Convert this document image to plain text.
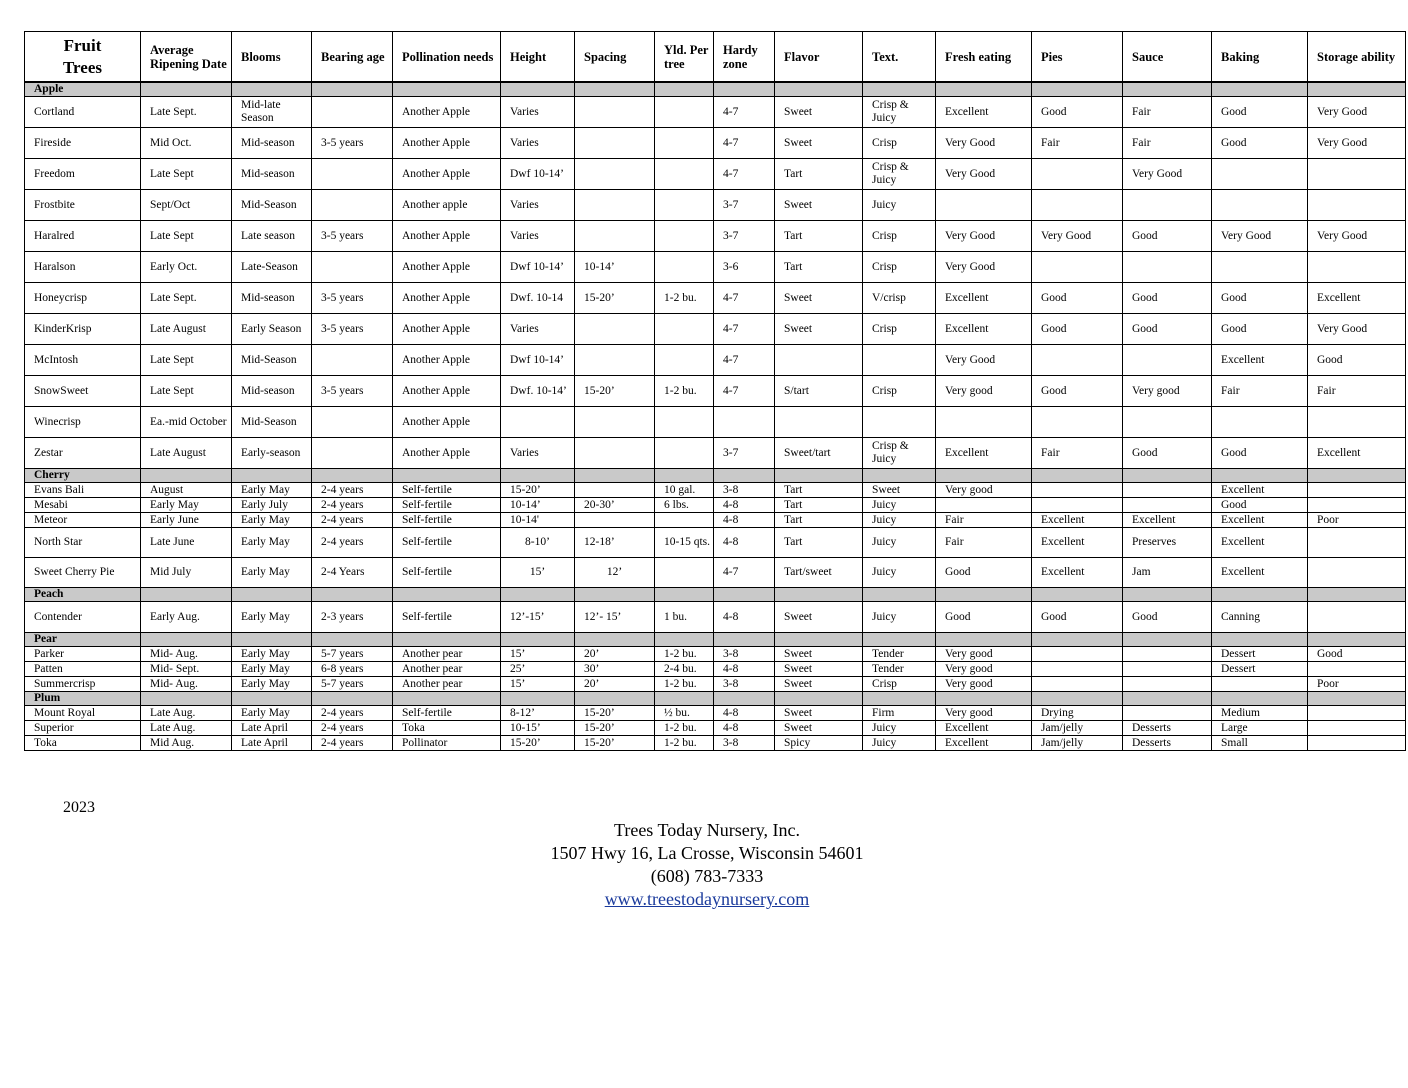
Fruit
Trees	Average Ripening Date	Blooms	Bearing age	Pollination needs	Height	Spacing	Yld. Per tree	Hardy zone	Flavor	Text.	Fresh eating	Pies	Sauce	Baking	Storage ability
Apple															
Cortland	Late Sept.	Mid-late Season		Another Apple	Varies			4-7	Sweet	Crisp & Juicy	Excellent	Good	Fair	Good	Very Good
Fireside	Mid Oct.	Mid-season	3-5 years	Another Apple	Varies			4-7	Sweet	Crisp	Very Good	Fair	Fair	Good	Very Good
Freedom	Late Sept	Mid-season		Another Apple	Dwf 10-14’			4-7	Tart	Crisp & Juicy	Very Good		Very Good		
Frostbite	Sept/Oct	Mid-Season		Another apple	Varies			3-7	Sweet	Juicy					
Haralred	Late Sept	Late season	3-5 years	Another Apple	Varies			3-7	Tart	Crisp	Very Good	Very Good	Good	Very Good	Very Good
Haralson	Early Oct.	Late-Season		Another Apple	Dwf 10-14’	10-14’		3-6	Tart	Crisp	Very Good				
Honeycrisp	Late Sept.	Mid-season	3-5 years	Another Apple	Dwf. 10-14	15-20’	1-2 bu.	4-7	Sweet	V/crisp	Excellent	Good	Good	Good	Excellent
KinderKrisp	Late August	Early Season	3-5 years	Another Apple	Varies			4-7	Sweet	Crisp	Excellent	Good	Good	Good	Very Good
McIntosh	Late Sept	Mid-Season		Another Apple	Dwf 10-14’			4-7			Very Good			Excellent	Good
SnowSweet	Late Sept	Mid-season	3-5 years	Another Apple	Dwf. 10-14’	15-20’	1-2 bu.	4-7	S/tart	Crisp	Very good	Good	Very good	Fair	Fair
Winecrisp	Ea.-mid October	Mid-Season		Another Apple											
Zestar	Late August	Early-season		Another Apple	Varies			3-7	Sweet/tart	Crisp & Juicy	Excellent	Fair	Good	Good	Excellent
Cherry															
Evans Bali	August	Early May	2-4 years	Self-fertile	15-20’		10 gal.	3-8	Tart	Sweet	Very good			Excellent	
Mesabi	Early May	Early July	2-4 years	Self-fertile	10-14’	20-30’	6 lbs.	4-8	Tart	Juicy				Good	
Meteor	Early June	Early May	2-4 years	Self-fertile	10-14'			4-8	Tart	Juicy	Fair	Excellent	Excellent	Excellent	Poor
North Star	Late June	Early May	2-4 years	Self-fertile	8-10’	12-18’	10-15 qts.	4-8	Tart	Juicy	Fair	Excellent	Preserves	Excellent	
Sweet Cherry Pie	Mid July	Early May	2-4 Years	Self-fertile	15’	12’		4-7	Tart/sweet	Juicy	Good	Excellent	Jam	Excellent	
Peach															
Contender	Early Aug.	Early May	2-3 years	Self-fertile	12’-15’	12’- 15’	1 bu.	4-8	Sweet	Juicy	Good	Good	Good	Canning	
Pear															
Parker	Mid- Aug.	Early May	5-7 years	Another pear	15’	20’	1-2 bu.	3-8	Sweet	Tender	Very good			Dessert	Good
Patten	Mid- Sept.	Early May	6-8 years	Another pear	25’	30’	2-4 bu.	4-8	Sweet	Tender	Very good			Dessert	
Summercrisp	Mid- Aug.	Early May	5-7 years	Another pear	15’	20’	1-2 bu.	3-8	Sweet	Crisp	Very good				Poor
Plum															
Mount Royal	Late Aug.	Early May	2-4 years	Self-fertile	8-12’	15-20’	½ bu.	4-8	Sweet	Firm	Very good	Drying		Medium	
Superior	Late Aug.	Late April	2-4 years	Toka	10-15’	15-20’	1-2 bu.	4-8	Sweet	Juicy	Excellent	Jam/jelly	Desserts	Large	
Toka	Mid Aug.	Late April	2-4 years	Pollinator	15-20’	15-20’	1-2 bu.	3-8	Spicy	Juicy	Excellent	Jam/jelly	Desserts	Small	
2023
Trees Today Nursery, Inc.
1507 Hwy 16, La Crosse, Wisconsin 54601
(608) 783-7333
www.treestodaynursery.com
